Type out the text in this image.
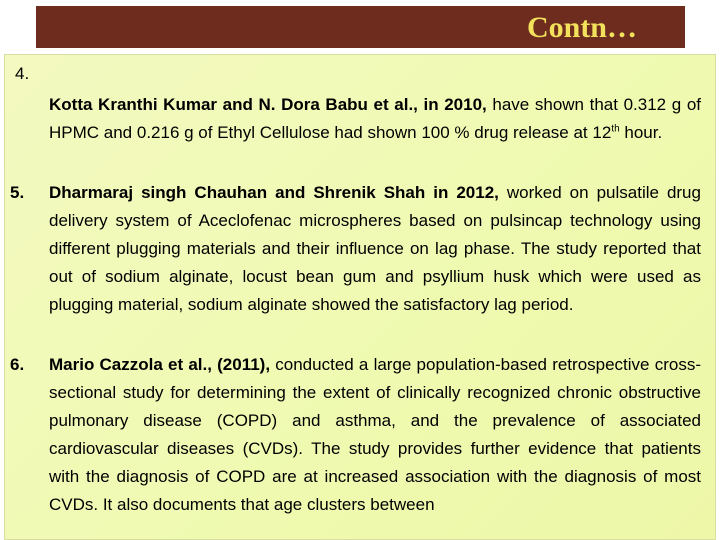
Contn…
4.
Kotta Kranthi Kumar and N. Dora Babu et al., in 2010, have shown that 0.312 g of HPMC and 0.216 g of Ethyl Cellulose had shown 100 % drug release at 12th hour.
5. Dharmaraj singh Chauhan and Shrenik Shah in 2012, worked on pulsatile drug delivery system of Aceclofenac microspheres based on pulsincap technology using different plugging materials and their influence on lag phase. The study reported that out of sodium alginate, locust bean gum and psyllium husk which were used as plugging material, sodium alginate showed the satisfactory lag period.
6. Mario Cazzola et al., (2011), conducted a large population-based retrospective cross-sectional study for determining the extent of clinically recognized chronic obstructive pulmonary disease (COPD) and asthma, and the prevalence of associated cardiovascular diseases (CVDs). The study provides further evidence that patients with the diagnosis of COPD are at increased association with the diagnosis of most CVDs. It also documents that age clusters between
